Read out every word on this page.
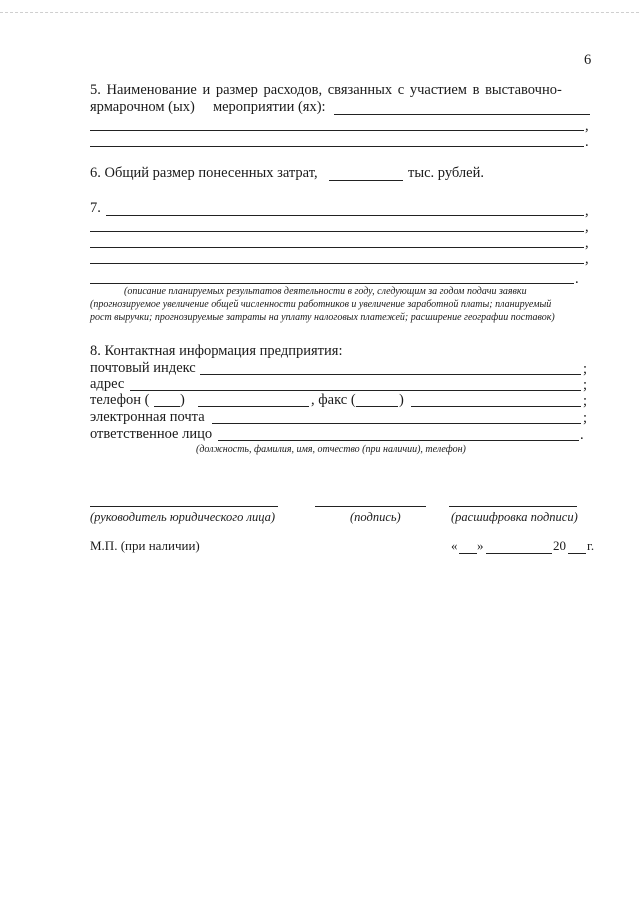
6
5. Наименование и размер расходов, связанных с участием в выставочно-
ярмарочном (ых)     мероприятии (ях):
,
.
6. Общий размер понесенных затрат,	тыс. рублей.
7.	,
,
,
,
.
(описание планируемых результатов деятельности в году, следующим за годом подачи заявки
(прогнозируемое увеличение общей численности работников и увеличение заработной платы; планируемый
рост выручки; прогнозируемые затраты на уплату налоговых платежей; расширение географии поставок)
8. Контактная информация предприятия:
почтовый индекс	;
адрес	;
телефон ( )	, факс (	)	;
электронная почта	;
ответственное лицо	.
(должность, фамилия, имя, отчество (при наличии), телефон)
(руководитель юридического лица)	(подпись)	(расшифровка подписи)
М.П. (при наличии)	« »	20 г.
